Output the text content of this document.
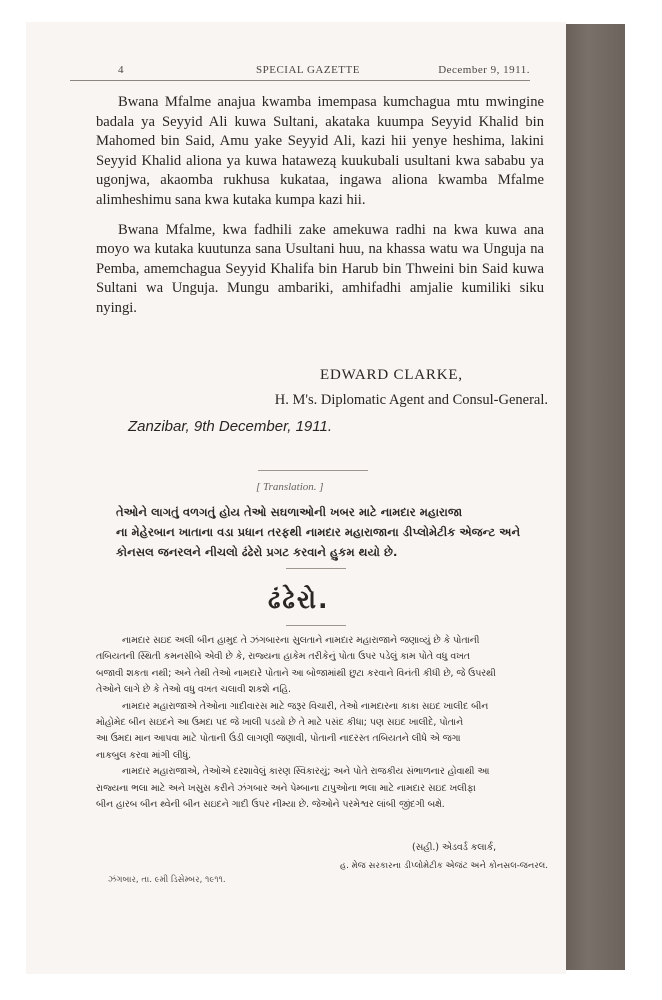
4	SPECIAL GAZETTE	December 9, 1911.

Bwana Mfalme anajua kwamba imempasa kumchagua mtu mwingine badala ya Seyyid Ali kuwa Sultani, akataka kuumpa Seyyid Khalid bin Mahomed bin Said, Amu yake Seyyid Ali, kazi hii yenye heshima, lakini Seyyid Khalid aliona ya kuwa hatawezą kuukubali usultani kwa sababu ya ugonjwa, akaomba rukhusa kukataa, ingawa aliona kwamba Mfalme alimheshimu sana kwa kutaka kumpa kazi hii.

Bwana Mfalme, kwa fadhili zake amekuwa radhi na kwa kuwa ana moyo wa kutaka kuutunza sana Usultani huu, na khassa watu wa Unguja na Pemba, amemchagua Seyyid Khalifa bin Harub bin Thweini bin Said kuwa Sultani wa Unguja. Mungu ambariki, amhifadhi amjalie kumiliki siku nyingi.

EDWARD CLARKE,
H. M's. Diplomatic Agent and Consul-General.
Zanzibar, 9th December, 1911.
[ Translation. ]
તેઓને લાગતું વળગતું હોય તેઓ સઘળાઓની ખબર માટે નામદાર મહારાજા
ના મેહેરબાન ખાતાના વડા પ્રધાન તરફથી નામદાર મહારાજાના ડીપ્લોમેટીક એજન્ટ અને
કોનસલ જનરલને નીચલો ઢંઢેરો પ્રગટ કરવાને હુકમ થયો છે.
ઢંઢેરો.
નામદાર સઇદ અલી બીન હામુદ તે ઝંગબારના સુલતાને નામદાર મહારાજાને જણાવ્યું છે કે પોતાની
તબિયતની સ્થિતી કમનસીબે એવી છે કે, રાજ્યના હાકેમ તરીકેનું પોતા ઉપર પડેલું કામ પોતે વધુ વખત
બજાવી શકતા નથી; અને તેથી તેઓ નામદારે પોતાને આ બોજામાંથી છુટા કરવાને વિનંતી કીધી છે, જે ઉપરથી
તેઓને લાગે છે કે તેઓ વધુ વખત ચલાવી શકશે નહિ.
નામદાર મહારાજાએ તેઓના ગાદીવારસ માટે જરૂર વિચારી, તેઓ નામદારના કાકા સઇદ ખાલીદ બીન
મોહોમેદ બીન સઇદને આ ઉમદા પદ જે ખાલી પડયો છે તે માટે પસંદ કીધા; પણ સઇદ ખાલીદે, પોતાને
આ ઉમદા માન આપવા માટે પોતાની ઉંડી લાગણી જણાવી, પોતાની નાદરસ્ત તબિયતને લીધે એ જગા
નાકબુલ કરવા માંગી લીધું.
નામદાર મહારાજાએ, તેઓએ દરશાવેલું કારણ સ્વિકારયું; અને પોતે રાજકીય સંભાળનાર હોવાથી આ
રાજ્યના ભલા માટે અને ખસુસ કરીને ઝંગબાર અને પેમ્બાના ટાપુઓના ભલા માટે નામદાર સઇદ ખલીફા
બીન હારબ બીન થ્વેની બીન સઇદને ગાદી ઉપર નીમ્યા છે. જેઓને પરમેશ્વર લાંબી જીંદગી બક્ષે.
(સહી.) એડવર્ડ કલાર્ક,
હ. મેજ સરકારના ડીપ્લોમેટીક એજંટ અને કોનસલ-જનરલ.
ઝંગબાર, તા. ૯મી ડિસેમ્બર, ૧૯૧૧.
